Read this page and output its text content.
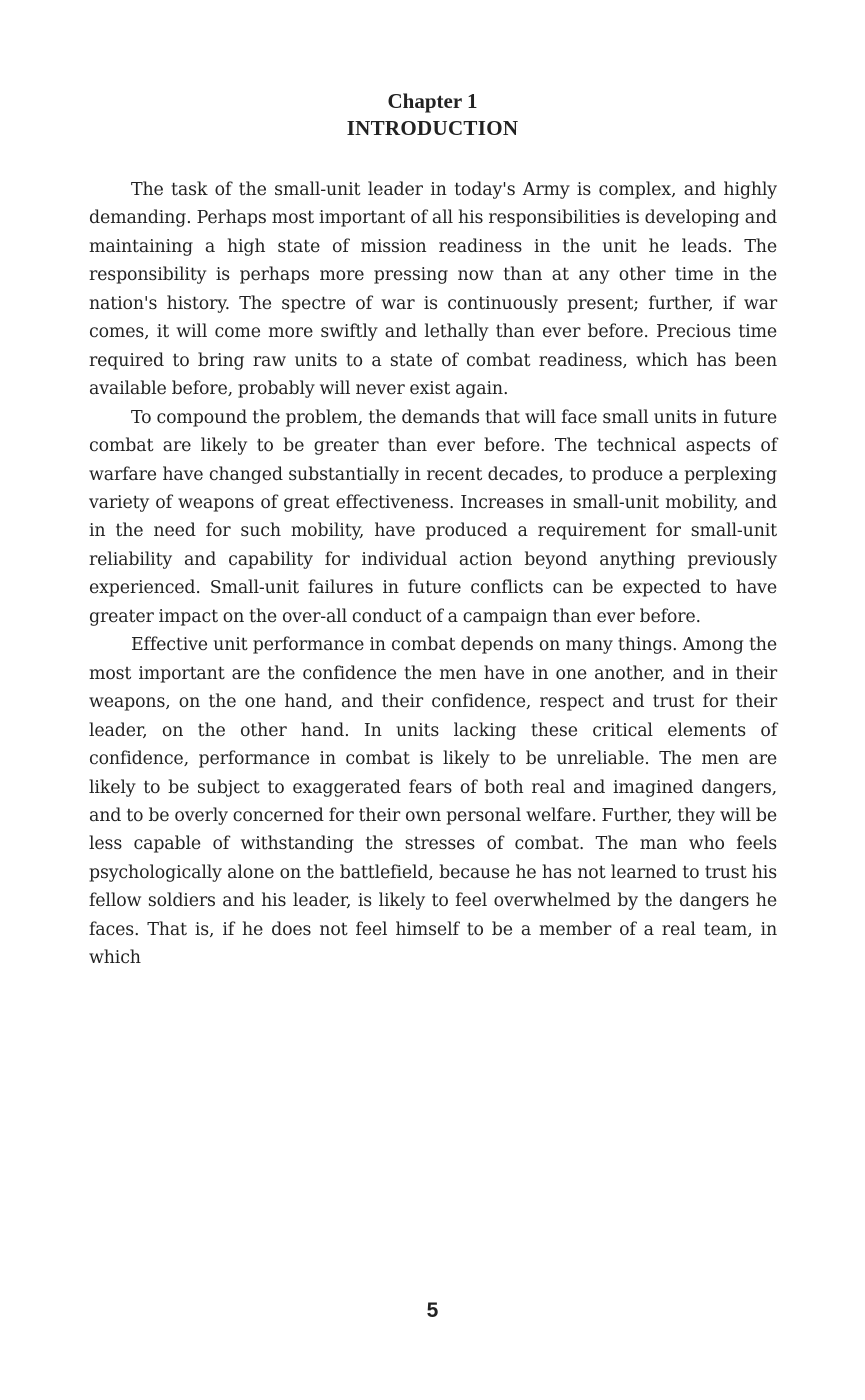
Chapter 1

INTRODUCTION

The task of the small-unit leader in today's Army is complex, and highly demanding. Perhaps most important of all his responsibilities is developing and maintaining a high state of mission readiness in the unit he leads. The responsibility is perhaps more pressing now than at any other time in the nation's history. The spectre of war is continuously present; further, if war comes, it will come more swiftly and lethally than ever before. Precious time required to bring raw units to a state of combat readiness, which has been available before, probably will never exist again.

To compound the problem, the demands that will face small units in future combat are likely to be greater than ever before. The technical aspects of warfare have changed substantially in recent decades, to produce a perplexing variety of weapons of great effectiveness. Increases in small-unit mobility, and in the need for such mobility, have produced a requirement for small-unit reliability and capability for individual action beyond anything previously experienced. Small-unit failures in future conflicts can be expected to have greater impact on the over-all conduct of a campaign than ever before.

Effective unit performance in combat depends on many things. Among the most important are the confidence the men have in one another, and in their weapons, on the one hand, and their confidence, respect and trust for their leader, on the other hand. In units lacking these critical elements of confidence, performance in combat is likely to be unreliable. The men are likely to be subject to exaggerated fears of both real and imagined dangers, and to be overly concerned for their own personal welfare. Further, they will be less capable of withstanding the stresses of combat. The man who feels psychologically alone on the battlefield, because he has not learned to trust his fellow soldiers and his leader, is likely to feel overwhelmed by the dangers he faces. That is, if he does not feel himself to be a member of a real team, in which

5
